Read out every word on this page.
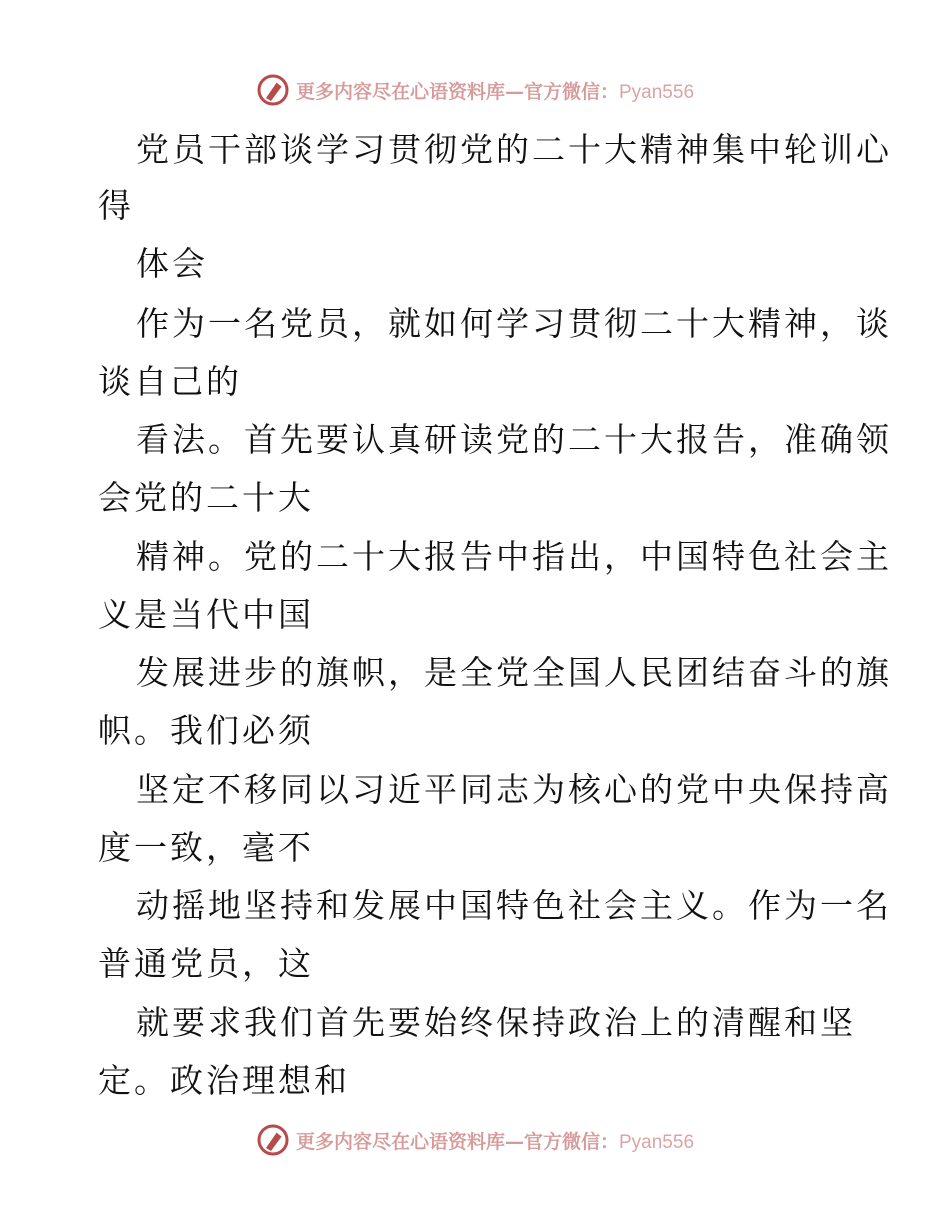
更多内容尽在心语资料库—官方微信：Pyan556
党员干部谈学习贯彻党的二十大精神集中轮训心
得
体会
作为一名党员，就如何学习贯彻二十大精神，谈
谈自己的
看法。首先要认真研读党的二十大报告，准确领
会党的二十大
精神。党的二十大报告中指出，中国特色社会主
义是当代中国
发展进步的旗帜，是全党全国人民团结奋斗的旗
帜。我们必须
坚定不移同以习近平同志为核心的党中央保持高
度一致，毫不
动摇地坚持和发展中国特色社会主义。作为一名
普通党员，这
就要求我们首先要始终保持政治上的清醒和坚
定。政治理想和
更多内容尽在心语资料库—官方微信：Pyan556
